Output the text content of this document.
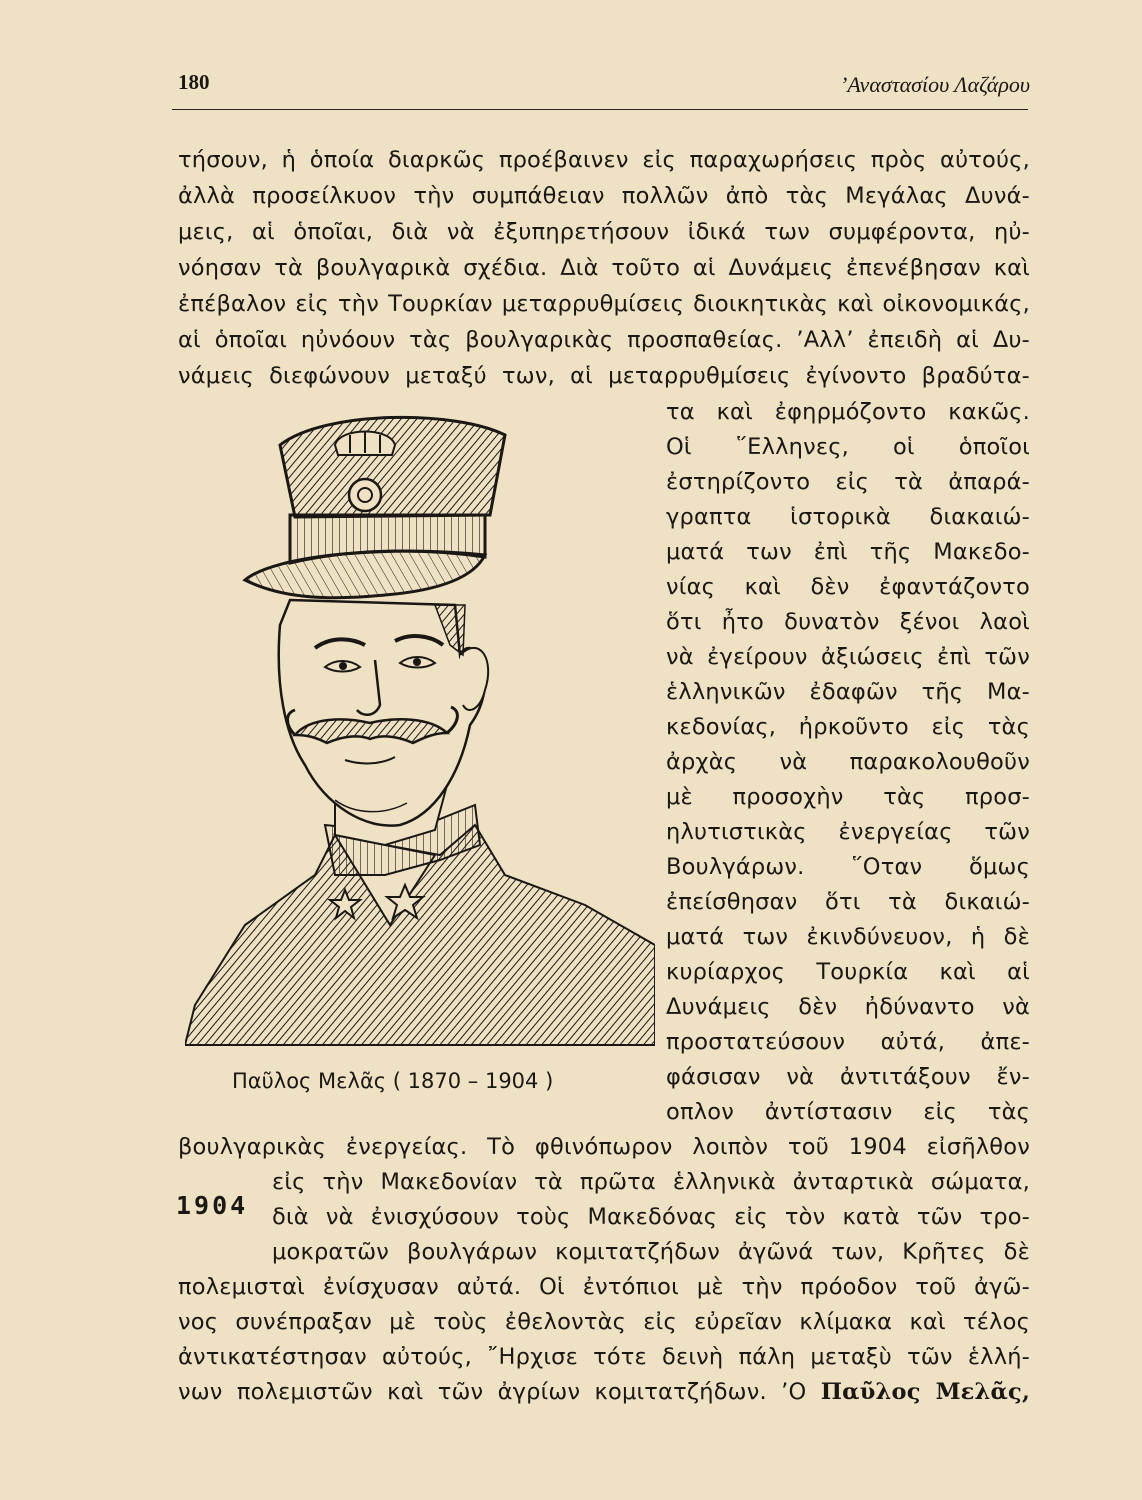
180	’Αναστασίου Λαζάρου
τήσουν, ἡ ὁποία διαρκῶς προέβαινεν εἰς παραχωρήσεις πρὸς αὐτούς,
ἀλλὰ προσείλκυον τὴν συμπάθειαν πολλῶν ἀπὸ τὰς Μεγάλας Δυνά-
μεις, αἱ ὁποῖαι, διὰ νὰ ἐξυπηρετήσουν ἰδικά των συμφέροντα, ηὐ-
νόησαν τὰ βουλγαρικὰ σχέδια. Διὰ τοῦτο αἱ Δυνάμεις ἐπενέβησαν καὶ
ἐπέβαλον εἰς τὴν Τουρκίαν μεταρρυθμίσεις διοικητικὰς καὶ οἰκονομικάς,
αἱ ὁποῖαι ηὐνόουν τὰς βουλγαρικὰς προσπαθείας. ’Αλλ’ ἐπειδὴ αἱ Δυ-
νάμεις διεφώνουν μεταξύ των, αἱ μεταρρυθμίσεις ἐγίνοντο βραδύτα-
τα καὶ ἐφηρμόζοντο κακῶς.
Οἱ ῞Ελληνες, οἱ ὁποῖοι
ἐστηρίζοντο εἰς τὰ ἀπαρά-
γραπτα ἱστορικὰ διακαιώ-
ματά των ἐπὶ τῆς Μακεδο-
νίας καὶ δὲν ἐφαντάζοντο
ὅτι ἦτο δυνατὸν ξένοι λαοὶ
νὰ ἐγείρουν ἀξιώσεις ἐπὶ τῶν
ἑλληνικῶν ἐδαφῶν τῆς Μα-
κεδονίας, ἠρκοῦντο εἰς τὰς
ἀρχὰς νὰ παρακολουθοῦν
μὲ προσοχὴν τὰς προσ-
ηλυτιστικὰς ἐνεργείας τῶν
Βουλγάρων. ῞Οταν ὅμως
ἐπείσθησαν ὅτι τὰ δικαιώ-
ματά των ἐκινδύνευον, ἡ δὲ
κυρίαρχος Τουρκία καὶ αἱ
Δυνάμεις δὲν ἠδύναντο νὰ
προστατεύσουν αὐτά, ἀπε-
φάσισαν νὰ ἀντιτάξουν ἔν-
οπλον ἀντίστασιν εἰς τὰς
Παῦλος Μελᾶς ( 1870 – 1904 )
βουλγαρικὰς ἐνεργείας. Τὸ φθινόπωρον λοιπὸν τοῦ 1904 εἰσῆλθον
εἰς τὴν Μακεδονίαν τὰ πρῶτα ἑλληνικὰ ἀνταρτικὰ σώματα,
διὰ νὰ ἐνισχύσουν τοὺς Μακεδόνας εἰς τὸν κατὰ τῶν τρο-
μοκρατῶν βουλγάρων κομιτατζήδων ἀγῶνά των, Κρῆτες δὲ
1904
πολεμισταὶ ἐνίσχυσαν αὐτά. Οἱ ἐντόπιοι μὲ τὴν πρόοδον τοῦ ἀγῶ-
νος συνέπραξαν μὲ τοὺς ἐθελοντὰς εἰς εὐρεῖαν κλίμακα καὶ τέλος
ἀντικατέστησαν αὐτούς, ῎Ηρχισε τότε δεινὴ πάλη μεταξὺ τῶν ἑλλή-
νων πολεμιστῶν καὶ τῶν ἀγρίων κομιτατζήδων. ’Ο Παῦλος Μελᾶς,
